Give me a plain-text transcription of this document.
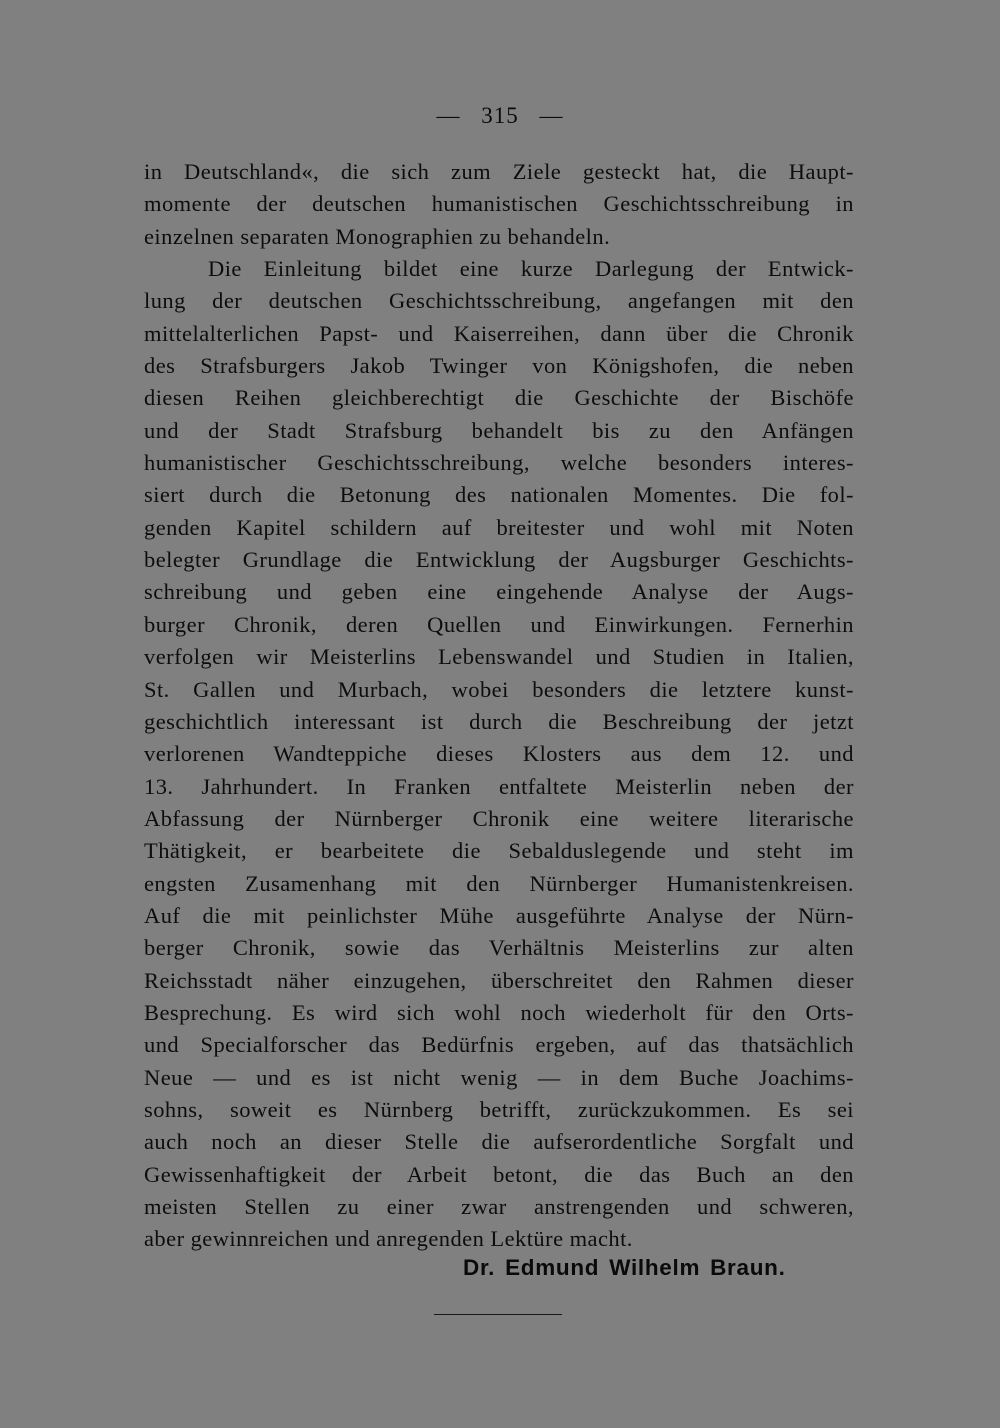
— 315 —
in Deutschland«, die sich zum Ziele gesteckt hat, die Haupt-
momente der deutschen humanistischen Geschichtsschreibung in
einzelnen separaten Monographien zu behandeln.
Die Einleitung bildet eine kurze Darlegung der Entwick-
lung der deutschen Geschichtsschreibung, angefangen mit den
mittelalterlichen Papst- und Kaiserreihen, dann über die Chronik
des Strafsburgers Jakob Twinger von Königshofen, die neben
diesen Reihen gleichberechtigt die Geschichte der Bischöfe
und der Stadt Strafsburg behandelt bis zu den Anfängen
humanistischer Geschichtsschreibung, welche besonders interes-
siert durch die Betonung des nationalen Momentes. Die fol-
genden Kapitel schildern auf breitester und wohl mit Noten
belegter Grundlage die Entwicklung der Augsburger Geschichts-
schreibung und geben eine eingehende Analyse der Augs-
burger Chronik, deren Quellen und Einwirkungen. Fernerhin
verfolgen wir Meisterlins Lebenswandel und Studien in Italien,
St. Gallen und Murbach, wobei besonders die letztere kunst-
geschichtlich interessant ist durch die Beschreibung der jetzt
verlorenen Wandteppiche dieses Klosters aus dem 12. und
13. Jahrhundert. In Franken entfaltete Meisterlin neben der
Abfassung der Nürnberger Chronik eine weitere literarische
Thätigkeit, er bearbeitete die Sebalduslegende und steht im
engsten Zusamenhang mit den Nürnberger Humanistenkreisen.
Auf die mit peinlichster Mühe ausgeführte Analyse der Nürn-
berger Chronik, sowie das Verhältnis Meisterlins zur alten
Reichsstadt näher einzugehen, überschreitet den Rahmen dieser
Besprechung. Es wird sich wohl noch wiederholt für den Orts-
und Specialforscher das Bedürfnis ergeben, auf das thatsächlich
Neue — und es ist nicht wenig — in dem Buche Joachims-
sohns, soweit es Nürnberg betrifft, zurückzukommen. Es sei
auch noch an dieser Stelle die aufserordentliche Sorgfalt und
Gewissenhaftigkeit der Arbeit betont, die das Buch an den
meisten Stellen zu einer zwar anstrengenden und schweren,
aber gewinnreichen und anregenden Lektüre macht.
Dr. Edmund Wilhelm Braun.
